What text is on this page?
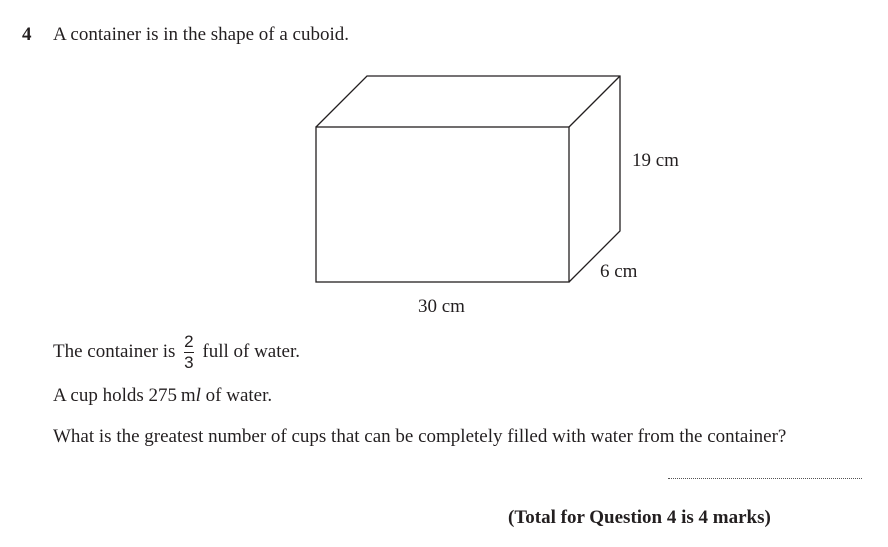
4 A container is in the shape of a cuboid.
19 cm
6 cm
30 cm
The container is $\frac{2}{3}$ full of water.
A cup holds 275 ml of water.
What is the greatest number of cups that can be completely filled with water from the container?
(Total for Question 4 is 4 marks)
